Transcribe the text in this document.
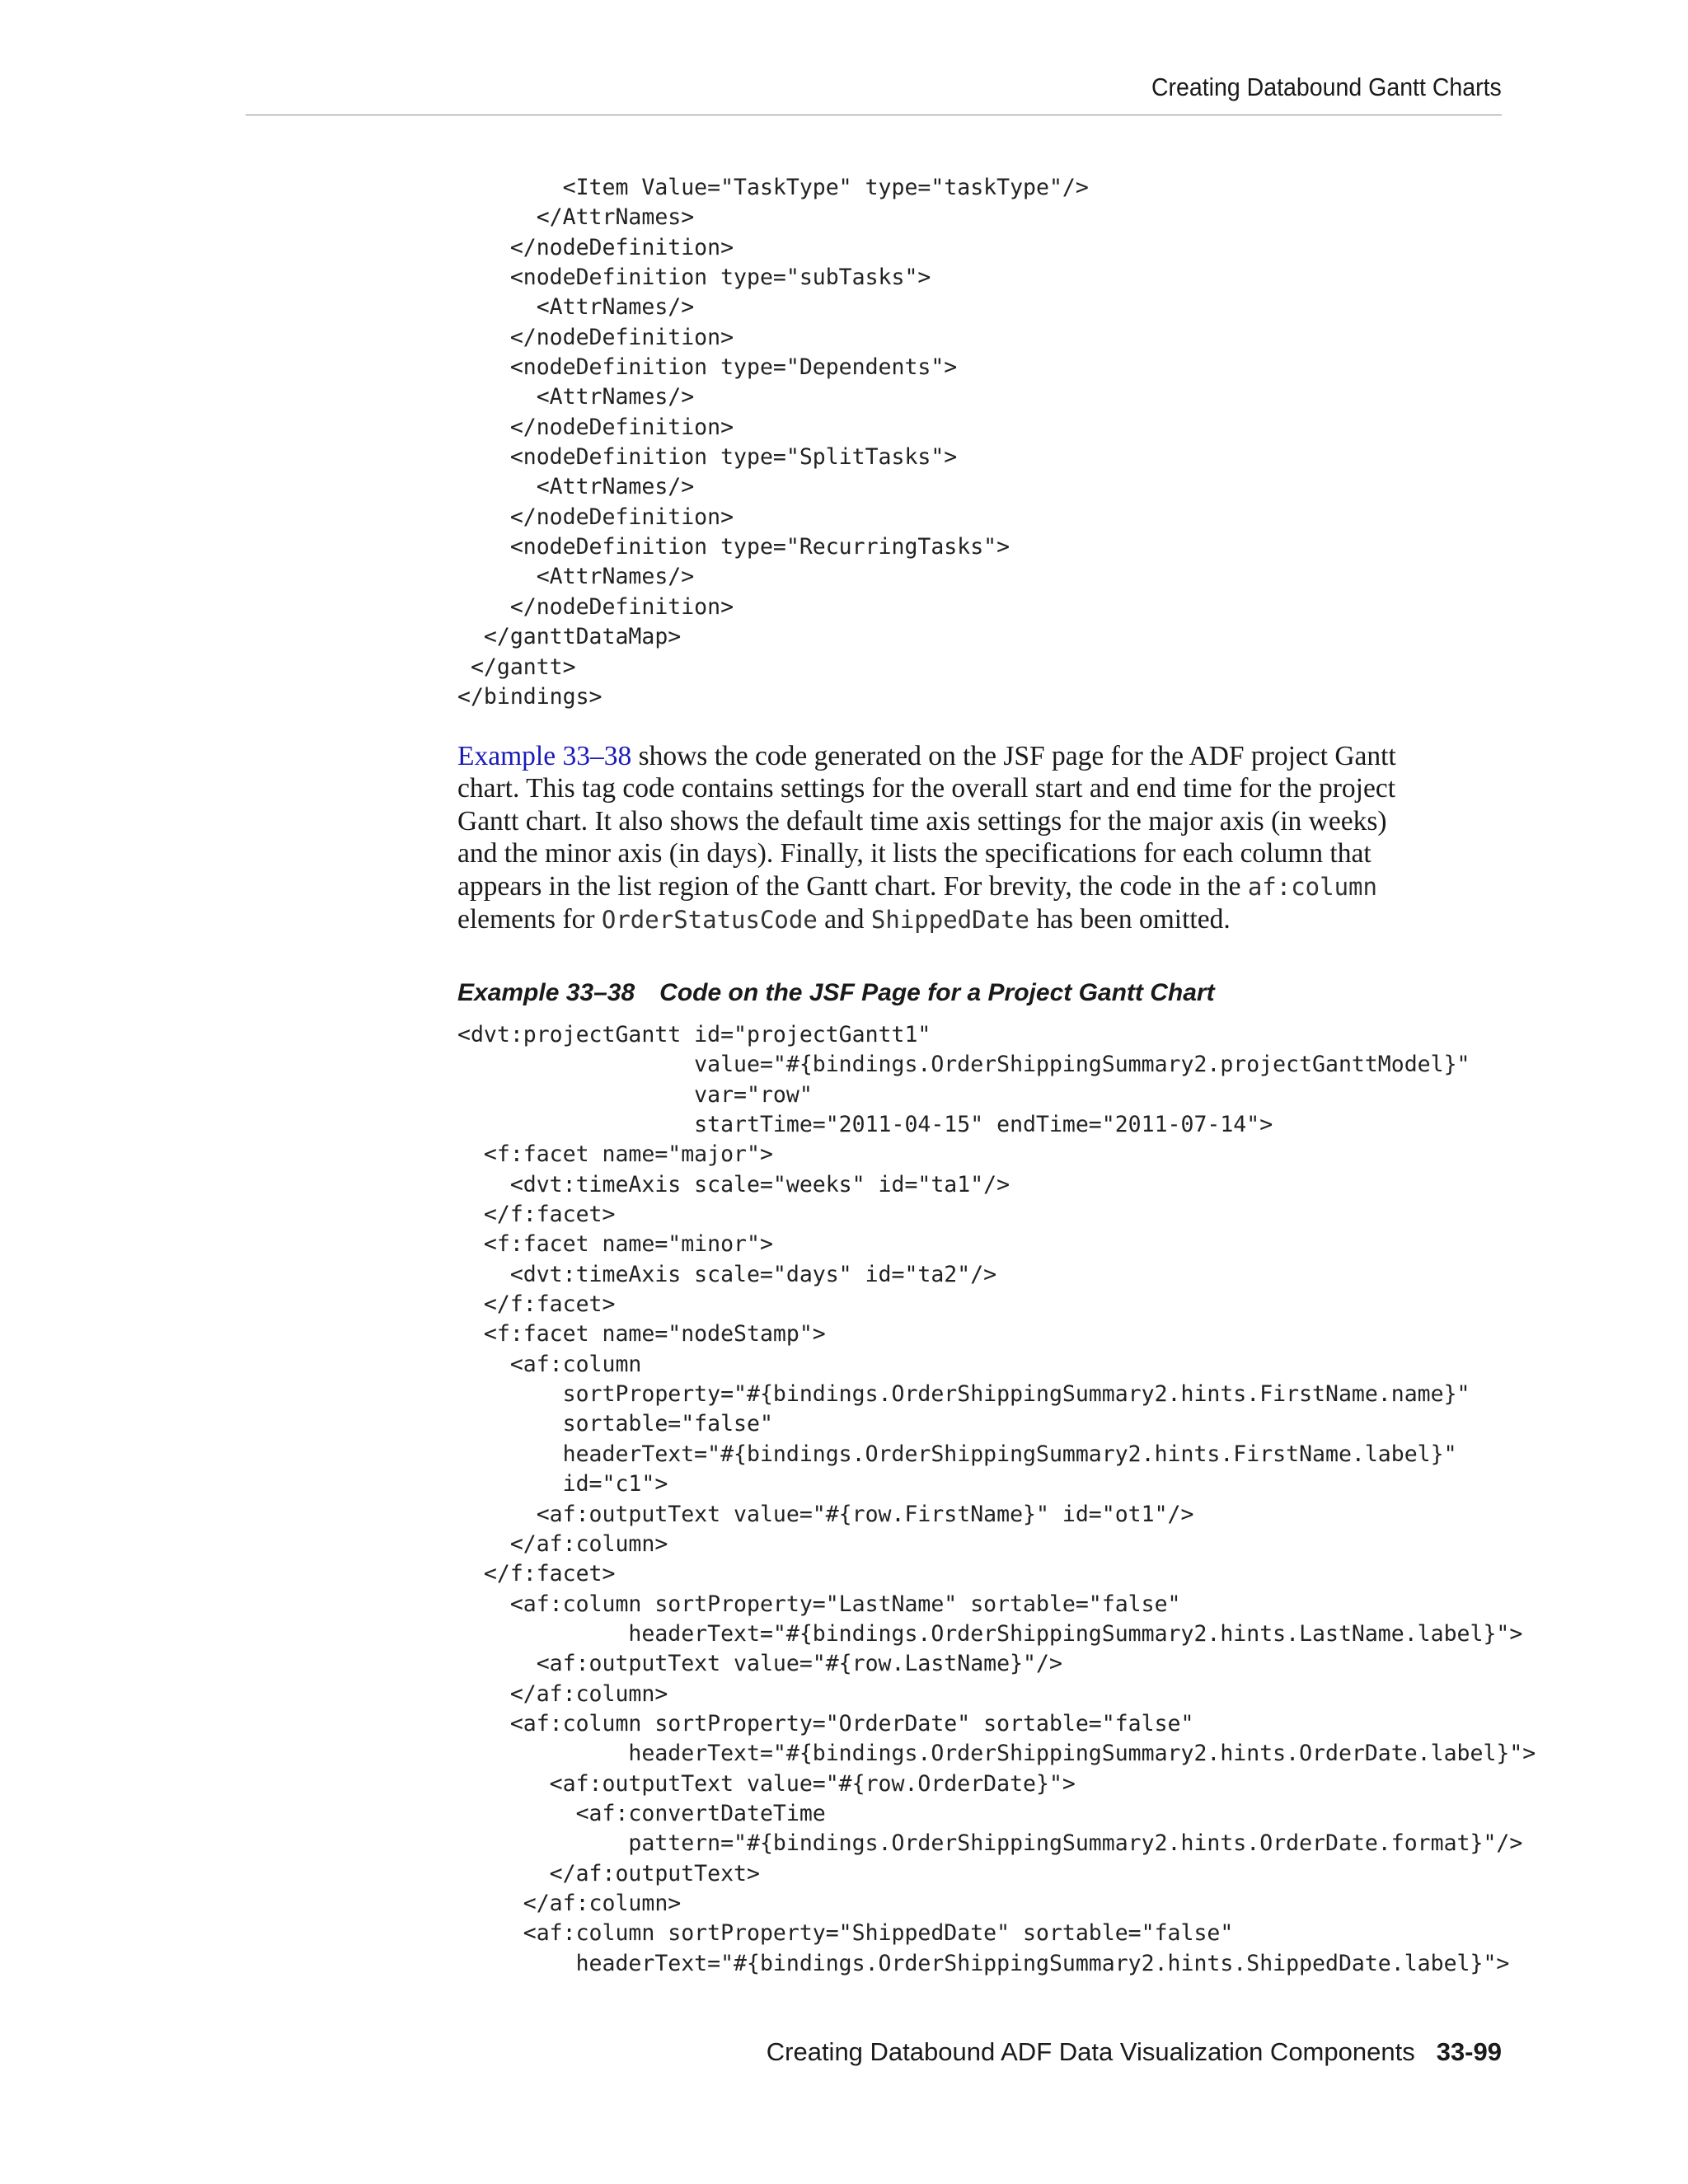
Creating Databound Gantt Charts
<Item Value="TaskType" type="taskType"/>
</AttrNames>
</nodeDefinition>
<nodeDefinition type="subTasks">
<AttrNames/>
</nodeDefinition>
<nodeDefinition type="Dependents">
<AttrNames/>
</nodeDefinition>
<nodeDefinition type="SplitTasks">
<AttrNames/>
</nodeDefinition>
<nodeDefinition type="RecurringTasks">
<AttrNames/>
</nodeDefinition>
</ganttDataMap>
</gantt>
</bindings>
Example 33–38 shows the code generated on the JSF page for the ADF project Gantt
chart. This tag code contains settings for the overall start and end time for the project
Gantt chart. It also shows the default time axis settings for the major axis (in weeks)
and the minor axis (in days). Finally, it lists the specifications for each column that
appears in the list region of the Gantt chart. For brevity, the code in the af:column
elements for OrderStatusCode and ShippedDate has been omitted.
Example 33–38 Code on the JSF Page for a Project Gantt Chart
<dvt:projectGantt id="projectGantt1"
value="#{bindings.OrderShippingSummary2.projectGanttModel}"
var="row"
startTime="2011-04-15" endTime="2011-07-14">
<f:facet name="major">
<dvt:timeAxis scale="weeks" id="ta1"/>
</f:facet>
<f:facet name="minor">
<dvt:timeAxis scale="days" id="ta2"/>
</f:facet>
<f:facet name="nodeStamp">
<af:column
sortProperty="#{bindings.OrderShippingSummary2.hints.FirstName.name}"
sortable="false"
headerText="#{bindings.OrderShippingSummary2.hints.FirstName.label}"
id="c1">
<af:outputText value="#{row.FirstName}" id="ot1"/>
</af:column>
</f:facet>
<af:column sortProperty="LastName" sortable="false"
headerText="#{bindings.OrderShippingSummary2.hints.LastName.label}">
<af:outputText value="#{row.LastName}"/>
</af:column>
<af:column sortProperty="OrderDate" sortable="false"
headerText="#{bindings.OrderShippingSummary2.hints.OrderDate.label}">
<af:outputText value="#{row.OrderDate}">
<af:convertDateTime
pattern="#{bindings.OrderShippingSummary2.hints.OrderDate.format}"/>
</af:outputText>
</af:column>
<af:column sortProperty="ShippedDate" sortable="false"
headerText="#{bindings.OrderShippingSummary2.hints.ShippedDate.label}">
Creating Databound ADF Data Visualization Components 33-99
